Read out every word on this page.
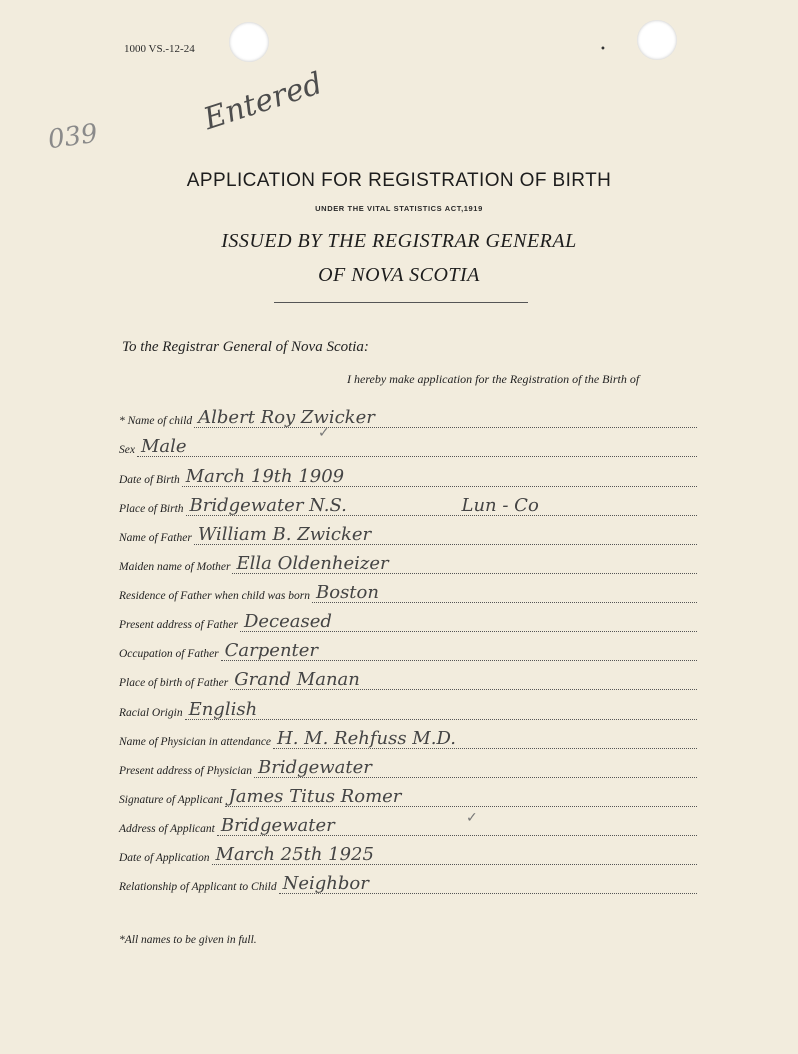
1000 VS.-12-24	•
039	Entered
APPLICATION FOR REGISTRATION OF BIRTH
UNDER THE VITAL STATISTICS ACT,1919
ISSUED BY THE REGISTRAR GENERAL
OF NOVA SCOTIA
To the Registrar General of Nova Scotia:
I hereby make application for the Registration of the Birth of
* Name of child Albert Roy Zwicker
Sex Male
Date of Birth March 19th 1909
Place of Birth Bridgewater N.S.	Lun - Co
Name of Father William B. Zwicker
Maiden name of Mother Ella Oldenheizer
Residence of Father when child was born Boston
Present address of Father Deceased
Occupation of Father Carpenter
Place of birth of Father Grand Manan
Racial Origin English
Name of Physician in attendance H. M. Rehfuss M.D.
Present address of Physician Bridgewater
Signature of Applicant James Titus Romer
Address of Applicant Bridgewater
Date of Application March 25th 1925
Relationship of Applicant to Child Neighbor
✓
✓
*All names to be given in full.
